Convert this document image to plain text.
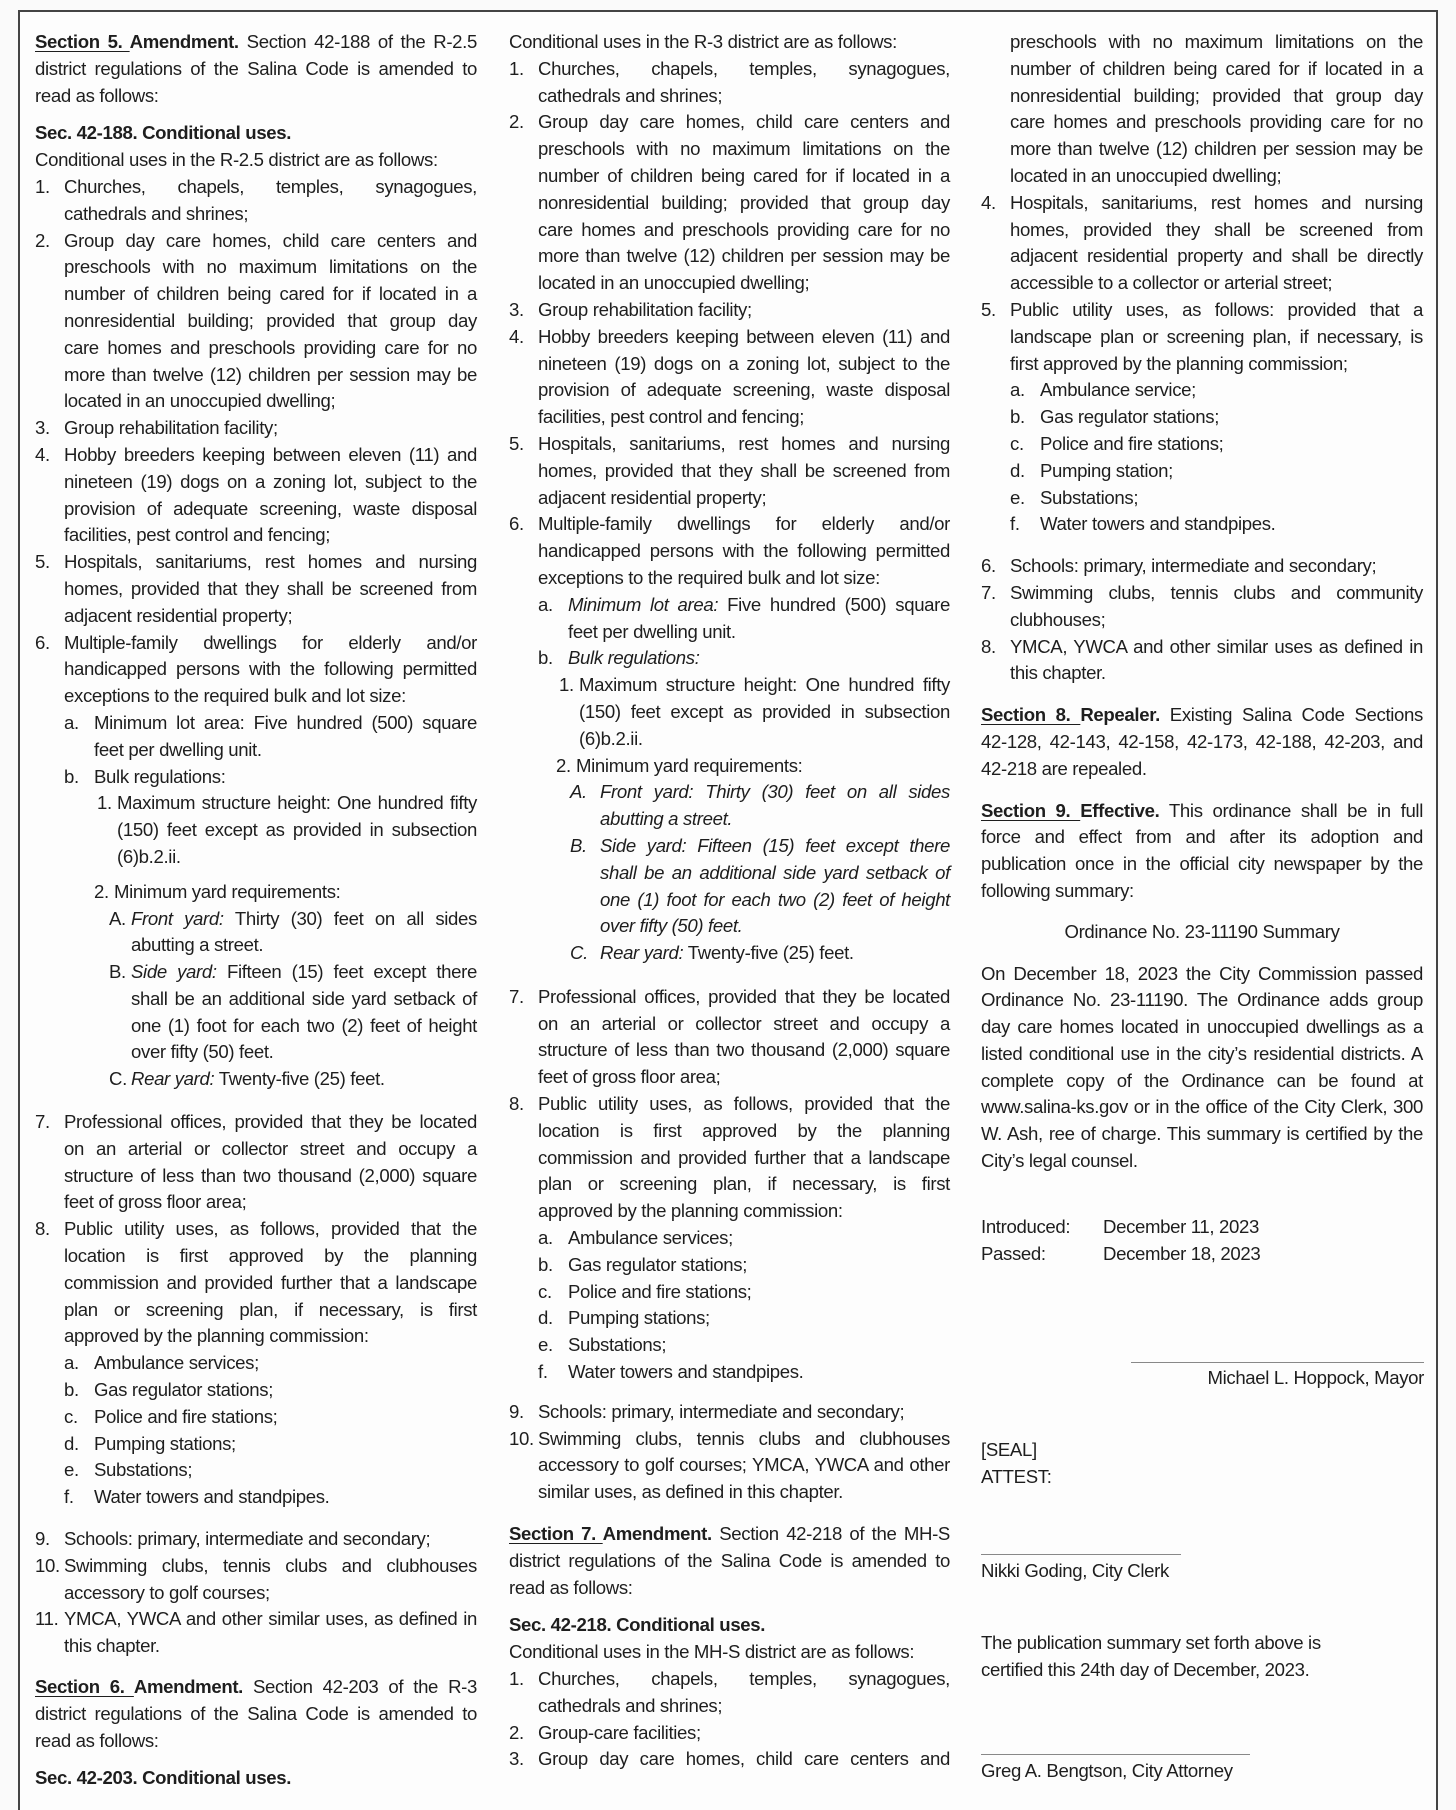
Section 5. Amendment. Section 42-188 of the R-2.5 district regulations of the Salina Code is amended to read as follows:

Sec. 42-188. Conditional uses.
Conditional uses in the R-2.5 district are as follows:
1. Churches, chapels, temples, synagogues, cathedrals and shrines;
2. Group day care homes, child care centers and preschools with no maximum limitations on the number of children being cared for if located in a nonresidential building; provided that group day care homes and preschools providing care for no more than twelve (12) children per session may be located in an unoccupied dwelling;
3. Group rehabilitation facility;
4. Hobby breeders keeping between eleven (11) and nineteen (19) dogs on a zoning lot, subject to the provision of adequate screening, waste disposal facilities, pest control and fencing;
5. Hospitals, sanitariums, rest homes and nursing homes, provided that they shall be screened from adjacent residential property;
6. Multiple-family dwellings for elderly and/or handicapped persons with the following permitted exceptions to the required bulk and lot size:
a. Minimum lot area: Five hundred (500) square feet per dwelling unit.
b. Bulk regulations:
1. Maximum structure height: One hundred fifty (150) feet except as provided in subsection (6)b.2.ii.
2. Minimum yard requirements:
A. Front yard: Thirty (30) feet on all sides abutting a street.
B. Side yard: Fifteen (15) feet except there shall be an additional side yard setback of one (1) foot for each two (2) feet of height over fifty (50) feet.
C. Rear yard: Twenty-five (25) feet.
7. Professional offices, provided that they be located on an arterial or collector street and occupy a structure of less than two thousand (2,000) square feet of gross floor area;
8. Public utility uses, as follows, provided that the location is first approved by the planning commission and provided further that a landscape plan or screening plan, if necessary, is first approved by the planning commission:
a. Ambulance services;
b. Gas regulator stations;
c. Police and fire stations;
d. Pumping stations;
e. Substations;
f.	Water towers and standpipes.
9. Schools: primary, intermediate and secondary;
10. Swimming clubs, tennis clubs and clubhouses accessory to golf courses;
11. YMCA, YWCA and other similar uses, as defined in this chapter.

Section 6. Amendment. Section 42-203 of the R-3 district regulations of the Salina Code is amended to read as follows:

Sec. 42-203. Conditional uses.
Conditional uses in the R-3 district are as follows:
1. Churches, chapels, temples, synagogues, cathedrals and shrines;
2. Group day care homes, child care centers and preschools with no maximum limitations on the number of children being cared for if located in a nonresidential building; provided that group day care homes and preschools providing care for no more than twelve (12) children per session may be located in an unoccupied dwelling;
3. Group rehabilitation facility;
4. Hobby breeders keeping between eleven (11) and nineteen (19) dogs on a zoning lot, subject to the provision of adequate screening, waste disposal facilities, pest control and fencing;
5. Hospitals, sanitariums, rest homes and nursing homes, provided that they shall be screened from adjacent residential property;
6. Multiple-family dwellings for elderly and/or handicapped persons with the following permitted exceptions to the required bulk and lot size:
a. Minimum lot area: Five hundred (500) square feet per dwelling unit.
b. Bulk regulations:
1. Maximum structure height: One hundred fifty (150) feet except as provided in subsection (6)b.2.ii.
2. Minimum yard requirements:
A. Front yard: Thirty (30) feet on all sides abutting a street.
B. Side yard: Fifteen (15) feet except there shall be an additional side yard setback of one (1) foot for each two (2) feet of height over fifty (50) feet.
C. Rear yard: Twenty-five (25) feet.
7. Professional offices, provided that they be located on an arterial or collector street and occupy a structure of less than two thousand (2,000) square feet of gross floor area;
8. Public utility uses, as follows, provided that the location is first approved by the planning commission and provided further that a landscape plan or screening plan, if necessary, is first approved by the planning commission:
a. Ambulance services;
b. Gas regulator stations;
c. Police and fire stations;
d. Pumping stations;
e. Substations;
f.	Water towers and standpipes.
9. Schools: primary, intermediate and secondary;
10. Swimming clubs, tennis clubs and clubhouses accessory to golf courses; YMCA, YWCA and other similar uses, as defined in this chapter.

Section 7. Amendment. Section 42-218 of the MH-S district regulations of the Salina Code is amended to read as follows:

Sec. 42-218. Conditional uses.
Conditional uses in the MH-S district are as follows:
1. Churches, chapels, temples, synagogues, cathedrals and shrines;
2. Group-care facilities;
3. Group day care homes, child care centers and
preschools with no maximum limitations on the number of children being cared for if located in a nonresidential building; provided that group day care homes and preschools providing care for no more than twelve (12) children per session may be located in an unoccupied dwelling;
4. Hospitals, sanitariums, rest homes and nursing homes, provided they shall be screened from adjacent residential property and shall be directly accessible to a collector or arterial street;
5. Public utility uses, as follows: provided that a landscape plan or screening plan, if necessary, is first approved by the planning commission;
a. Ambulance service;
b. Gas regulator stations;
c. Police and fire stations;
d. Pumping station;
e. Substations;
f.	Water towers and standpipes.
6. Schools: primary, intermediate and secondary;
7. Swimming clubs, tennis clubs and community clubhouses;
8. YMCA, YWCA and other similar uses as defined in this chapter.

Section 8. Repealer. Existing Salina Code Sections 42-128, 42-143, 42-158, 42-173, 42-188, 42-203, and 42-218 are repealed.

Section 9. Effective. This ordinance shall be in full force and effect from and after its adoption and publication once in the official city newspaper by the following summary:

Ordinance No. 23-11190 Summary

On December 18, 2023 the City Commission passed Ordinance No. 23-11190. The Ordinance adds group day care homes located in unoccupied dwellings as a listed conditional use in the city’s residential districts. A complete copy of the Ordinance can be found at www.salina-ks.gov or in the office of the City Clerk, 300 W. Ash, ree of charge. This summary is certified by the City’s legal counsel.

Introduced:	December 11, 2023
Passed:	December 18, 2023
Michael L. Hoppock, Mayor
[SEAL]
ATTEST:
Nikki Goding, City Clerk
The publication summary set forth above is certified this 24th day of December, 2023.
Greg A. Bengtson, City Attorney
